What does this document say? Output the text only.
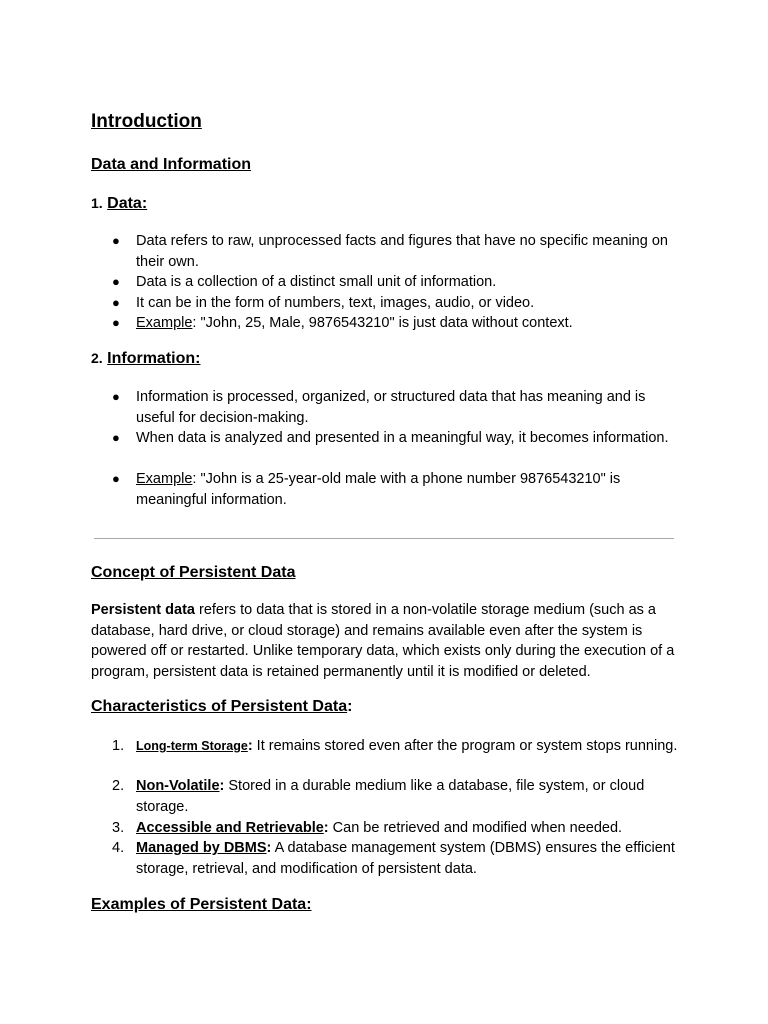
Introduction
Data and Information
1. Data:
● Data refers to raw, unprocessed facts and figures that have no specific meaning on their own.

● Data is a collection of a distinct small unit of information.

● It can be in the form of numbers, text, images, audio, or video.

● Example: "John, 25, Male, 9876543210" is just data without context.

2. Information:
● Information is processed, organized, or structured data that has meaning and is useful for decision-making.

● When data is analyzed and presented in a meaningful way, it becomes information.

● Example: "John is a 25-year-old male with a phone number 9876543210" is meaningful information.

Concept of Persistent Data

Persistent data refers to data that is stored in a non-volatile storage medium (such as a database, hard drive, or cloud storage) and remains available even after the system is powered off or restarted. Unlike temporary data, which exists only during the execution of a program, persistent data is retained permanently until it is modified or deleted.

Characteristics of Persistent Data:
1. Long-term Storage: It remains stored even after the program or system stops running.

2. Non-Volatile: Stored in a durable medium like a database, file system, or cloud storage.

3. Accessible and Retrievable: Can be retrieved and modified when needed.

4. Managed by DBMS: A database management system (DBMS) ensures the efficient storage, retrieval, and modification of persistent data.

Examples of Persistent Data:
